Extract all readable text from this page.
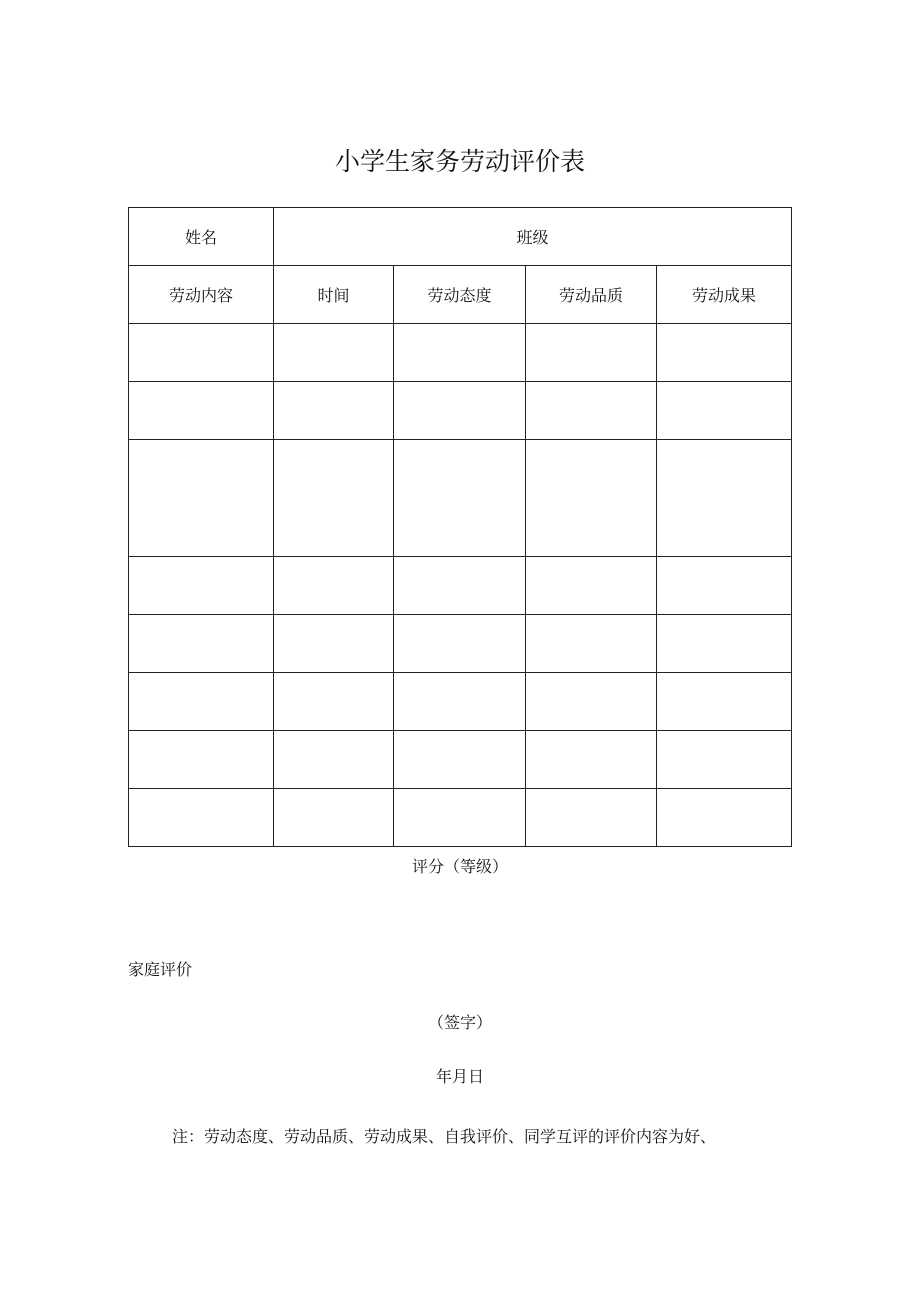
小学生家务劳动评价表
姓名	班级			
劳动内容	时间	劳动态度	劳动品质	劳动成果

评分（等级）
家庭评价
（签字）
年月日
注：劳动态度、劳动品质、劳动成果、自我评价、同学互评的评价内容为好、
